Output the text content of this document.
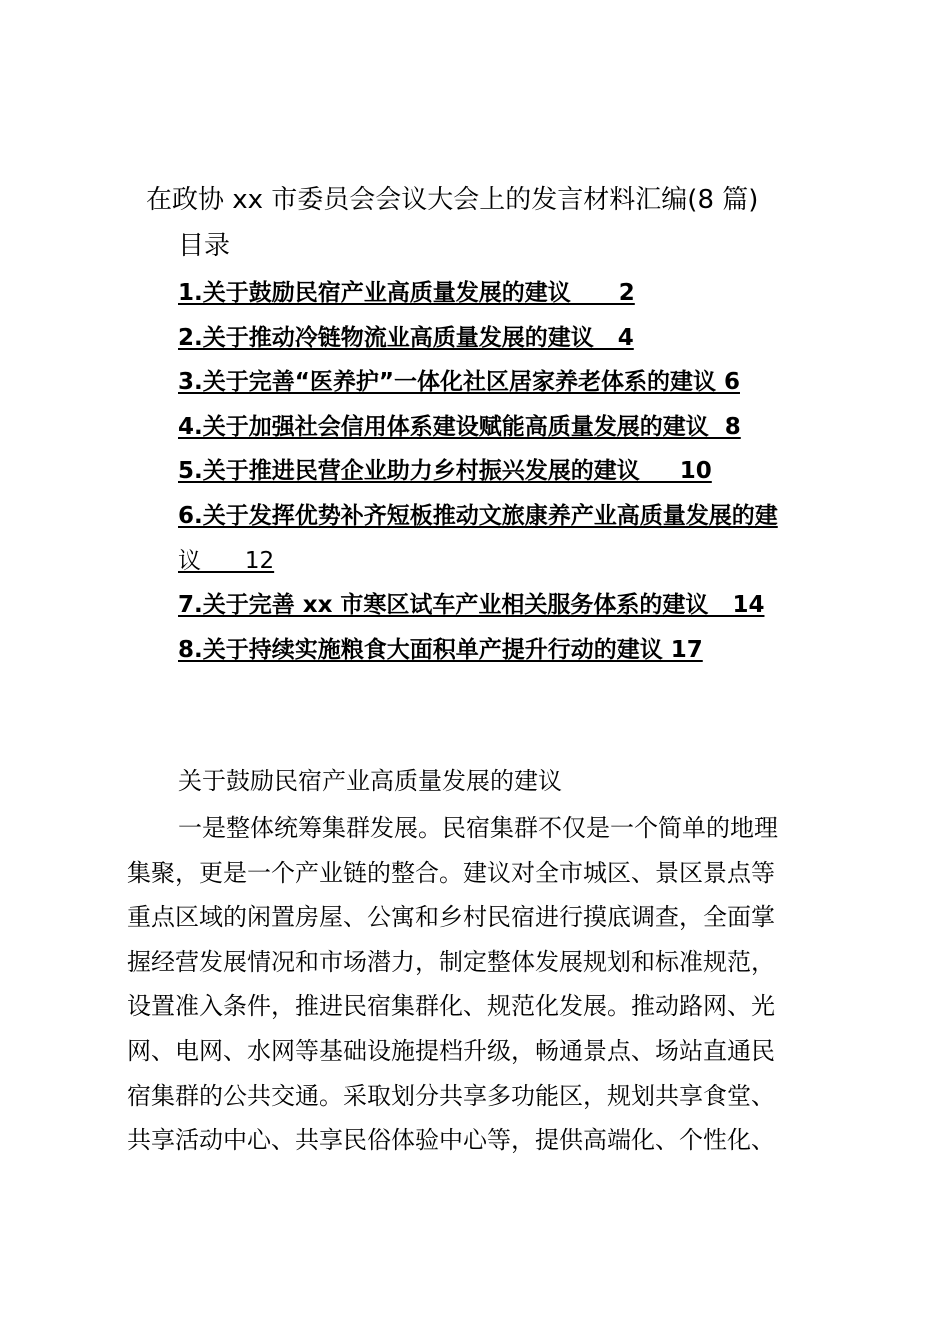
在政协 xx 市委员会会议大会上的发言材料汇编(8 篇)
目录
1.关于鼓励民宿产业高质量发展的建议      2
2.关于推动冷链物流业高质量发展的建议   4
3.关于完善“医养护”一体化社区居家养老体系的建议 6
4.关于加强社会信用体系建设赋能高质量发展的建议  8
5.关于推进民营企业助力乡村振兴发展的建议     10
6.关于发挥优势补齐短板推动文旅康养产业高质量发展的建
议      12
7.关于完善 xx 市寒区试车产业相关服务体系的建议   14
8.关于持续实施粮食大面积单产提升行动的建议 17
关于鼓励民宿产业高质量发展的建议
一是整体统筹集群发展。民宿集群不仅是一个简单的地理
集聚，更是一个产业链的整合。建议对全市城区、景区景点等
重点区域的闲置房屋、公寓和乡村民宿进行摸底调查，全面掌
握经营发展情况和市场潜力，制定整体发展规划和标准规范，
设置准入条件，推进民宿集群化、规范化发展。推动路网、光
网、电网、水网等基础设施提档升级，畅通景点、场站直通民
宿集群的公共交通。采取划分共享多功能区，规划共享食堂、
共享活动中心、共享民俗体验中心等，提供高端化、个性化、
